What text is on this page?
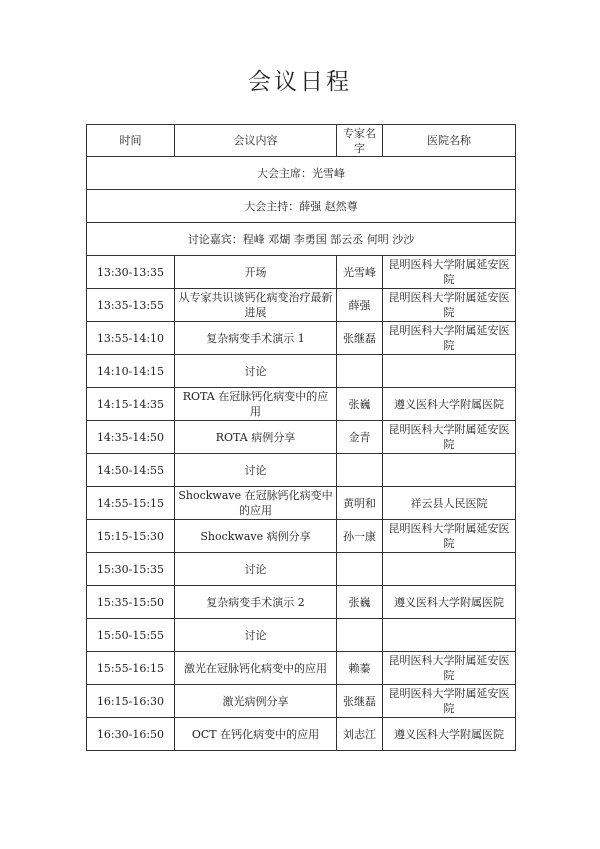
会议日程
时间	会议内容	专家名字	医院名称
大会主席：光雪峰			
大会主持：薛强 赵然尊			
讨论嘉宾：程峰 邓煳 李勇国 郜云丞 何明 沙沙			
13:30-13:35	开场	光雪峰	昆明医科大学附属延安医院
13:35-13:55	从专家共识谈钙化病变治疗最新进展	薛强	昆明医科大学附属延安医院
13:55-14:10	复杂病变手术演示 1	张继磊	昆明医科大学附属延安医院
14:10-14:15	讨论		
14:15-14:35	ROTA 在冠脉钙化病变中的应用	张巍	遵义医科大学附属医院
14:35-14:50	ROTA 病例分享	金青	昆明医科大学附属延安医院
14:50-14:55	讨论		
14:55-15:15	Shockwave 在冠脉钙化病变中的应用	黄明和	祥云县人民医院
15:15-15:30	Shockwave 病例分享	孙一康	昆明医科大学附属延安医院
15:30-15:35	讨论		
15:35-15:50	复杂病变手术演示 2	张巍	遵义医科大学附属医院
15:50-15:55	讨论		
15:55-16:15	激光在冠脉钙化病变中的应用	赖蓁	昆明医科大学附属延安医院
16:15-16:30	激光病例分享	张继磊	昆明医科大学附属延安医院
16:30-16:50	OCT 在钙化病变中的应用	刘志江	遵义医科大学附属医院
